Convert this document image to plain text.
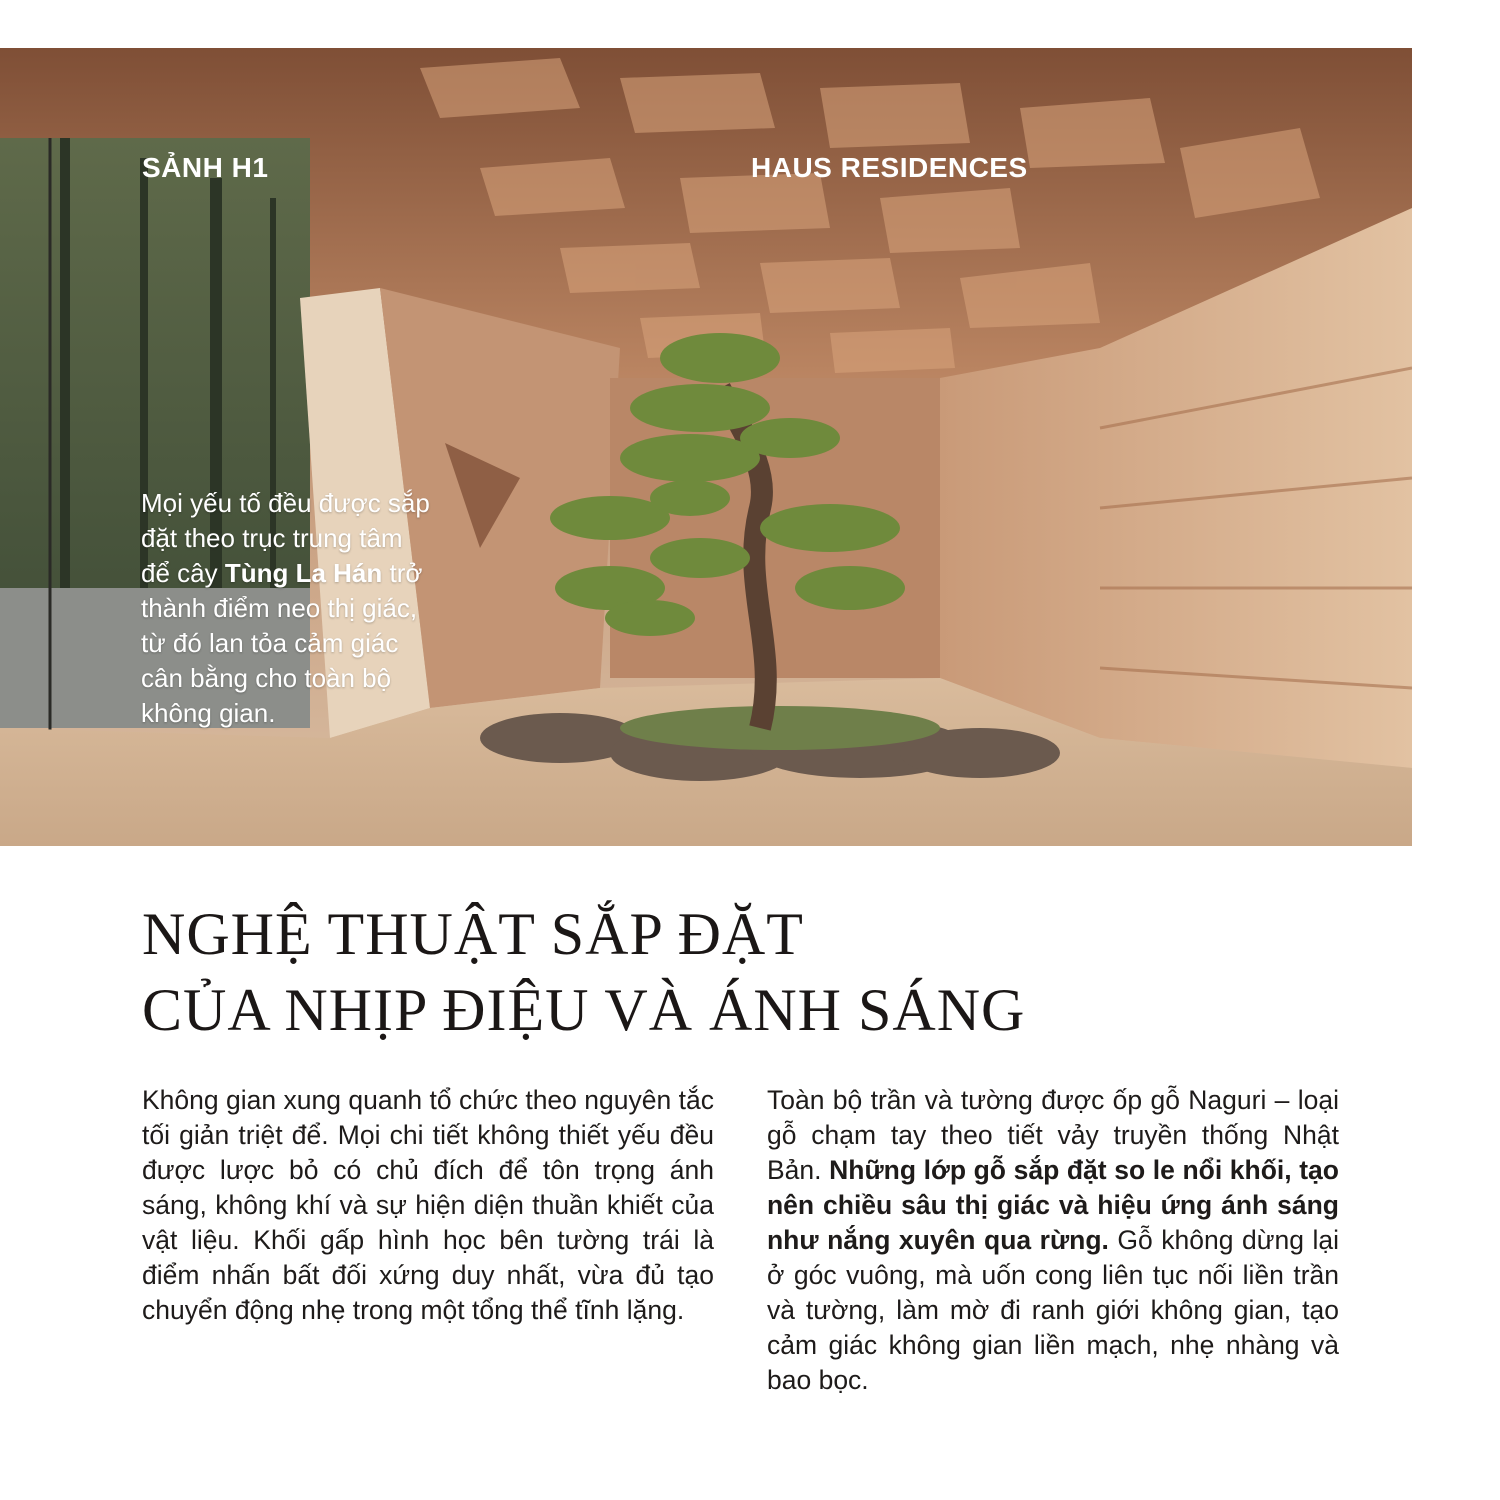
SẢNH H1	HAUS RESIDENCES

Mọi yếu tố đều được sắp đặt theo trục trung tâm để cây Tùng La Hán trở thành điểm neo thị giác, từ đó lan tỏa cảm giác cân bằng cho toàn bộ không gian.

NGHỆ THUẬT SẮP ĐẶT
CỦA NHỊP ĐIỆU VÀ ÁNH SÁNG

Không gian xung quanh tổ chức theo nguyên tắc tối giản triệt để. Mọi chi tiết không thiết yếu đều được lược bỏ có chủ đích để tôn trọng ánh sáng, không khí và sự hiện diện thuần khiết của vật liệu. Khối gấp hình học bên tường trái là điểm nhấn bất đối xứng duy nhất, vừa đủ tạo chuyển động nhẹ trong một tổng thể tĩnh lặng.

Toàn bộ trần và tường được ốp gỗ Naguri – loại gỗ chạm tay theo tiết vảy truyền thống Nhật Bản. Những lớp gỗ sắp đặt so le nổi khối, tạo nên chiều sâu thị giác và hiệu ứng ánh sáng như nắng xuyên qua rừng. Gỗ không dừng lại ở góc vuông, mà uốn cong liên tục nối liền trần và tường, làm mờ đi ranh giới không gian, tạo cảm giác không gian liền mạch, nhẹ nhàng và bao bọc.
